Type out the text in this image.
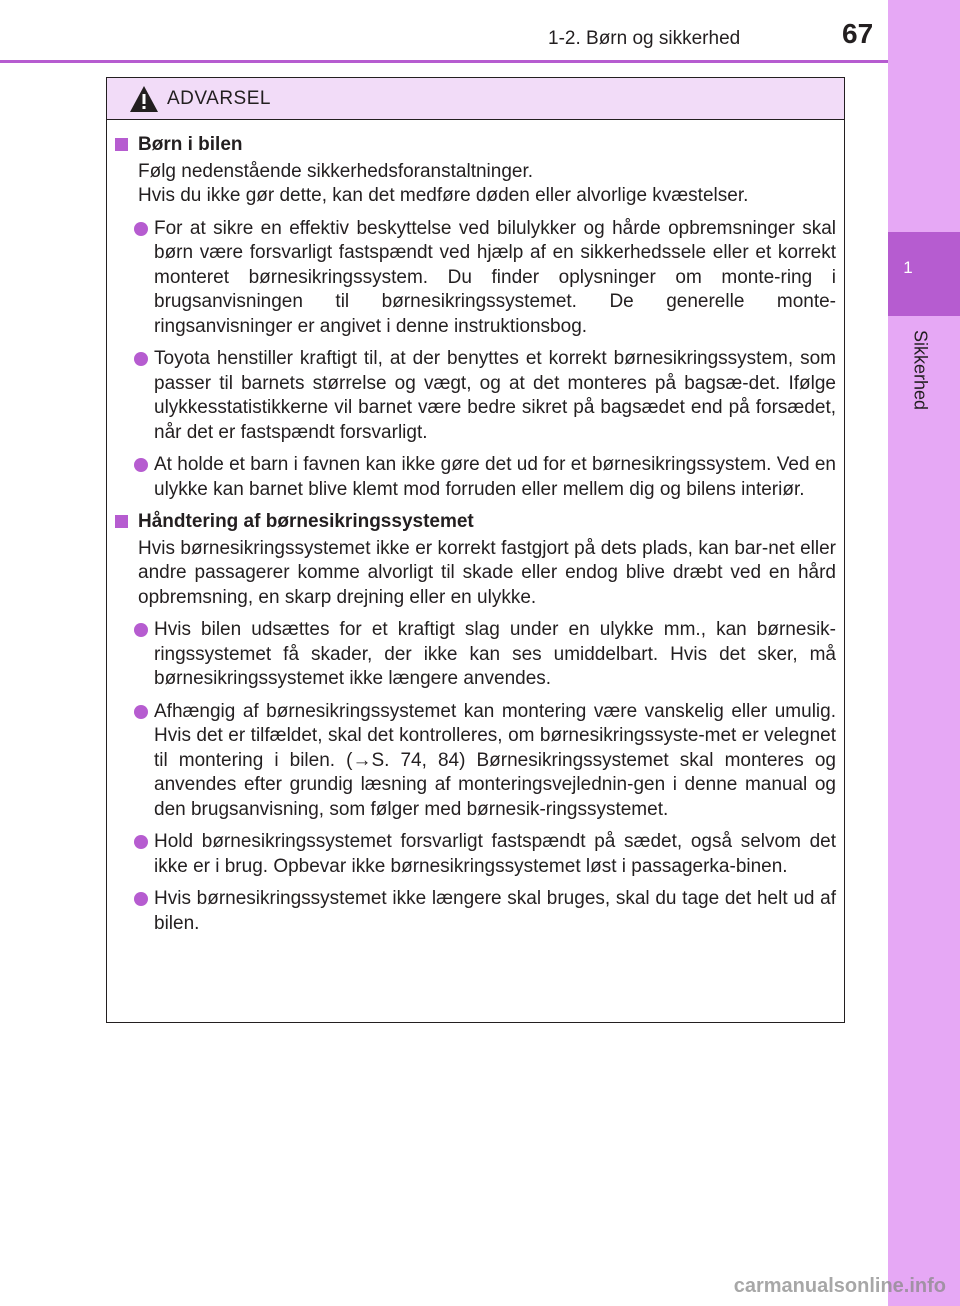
1-2. Børn og sikkerhed	67
1
Sikkerhed
ADVARSEL
Børn i bilen
Følg nedenstående sikkerhedsforanstaltninger.
Hvis du ikke gør dette, kan det medføre døden eller alvorlige kvæstelser.
For at sikre en effektiv beskyttelse ved bilulykker og hårde opbremsninger skal børn være forsvarligt fastspændt ved hjælp af en sikkerhedssele eller et korrekt monteret børnesikringssystem. Du finder oplysninger om monte-ring i brugsanvisningen til børnesikringssystemet. De generelle monte-ringsanvisninger er angivet i denne instruktionsbog.
Toyota henstiller kraftigt til, at der benyttes et korrekt børnesikringssystem, som passer til barnets størrelse og vægt, og at det monteres på bagsæ-det. Ifølge ulykkesstatistikkerne vil barnet være bedre sikret på bagsædet end på forsædet, når det er fastspændt forsvarligt.
At holde et barn i favnen kan ikke gøre det ud for et børnesikringssystem. Ved en ulykke kan barnet blive klemt mod forruden eller mellem dig og bilens interiør.
Håndtering af børnesikringssystemet
Hvis børnesikringssystemet ikke er korrekt fastgjort på dets plads, kan bar-net eller andre passagerer komme alvorligt til skade eller endog blive dræbt ved en hård opbremsning, en skarp drejning eller en ulykke.
Hvis bilen udsættes for et kraftigt slag under en ulykke mm., kan børnesik-ringssystemet få skader, der ikke kan ses umiddelbart. Hvis det sker, må børnesikringssystemet ikke længere anvendes.
Afhængig af børnesikringssystemet kan montering være vanskelig eller umulig. Hvis det er tilfældet, skal det kontrolleres, om børnesikringssyste-met er velegnet til montering i bilen. (→S. 74, 84) Børnesikringssystemet skal monteres og anvendes efter grundig læsning af monteringsvejlednin-gen i denne manual og den brugsanvisning, som følger med børnesik-ringssystemet.
Hold børnesikringssystemet forsvarligt fastspændt på sædet, også selvom det ikke er i brug. Opbevar ikke børnesikringssystemet løst i passagerka-binen.
Hvis børnesikringssystemet ikke længere skal bruges, skal du tage det helt ud af bilen.
carmanualsonline.info
